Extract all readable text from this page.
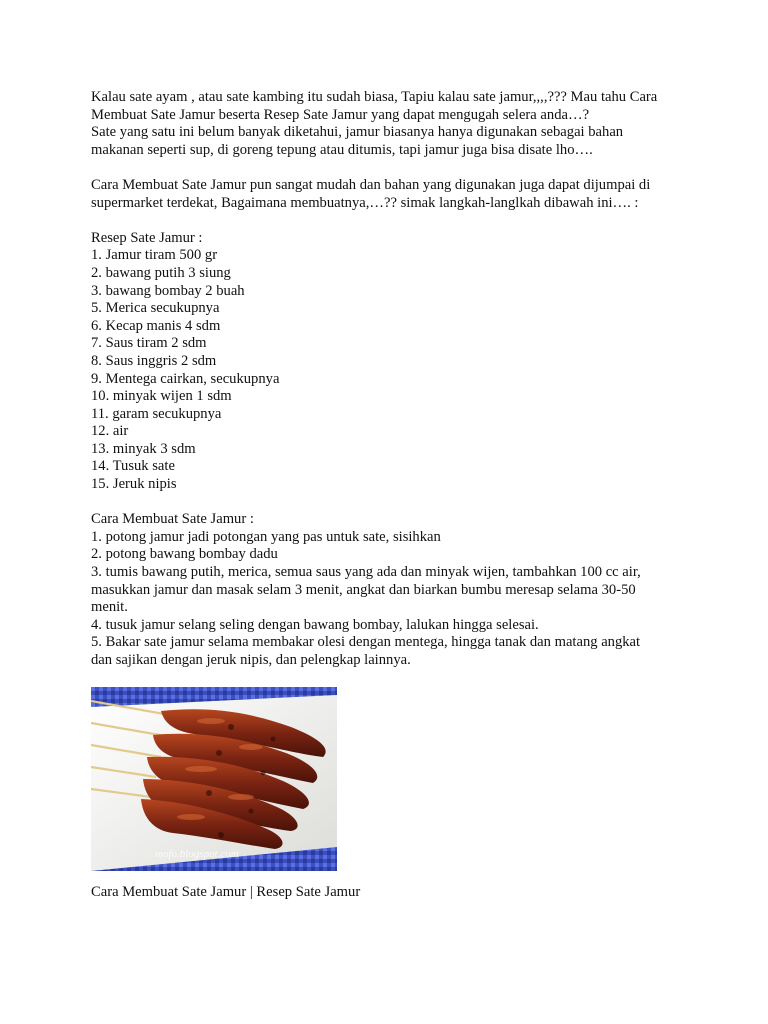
Kalau sate ayam , atau sate kambing itu sudah biasa, Tapiu kalau sate jamur,,,,??? Mau tahu Cara
Membuat Sate Jamur beserta Resep Sate Jamur yang dapat mengugah selera anda…?
Sate yang satu ini belum banyak diketahui, jamur biasanya hanya digunakan sebagai bahan
makanan seperti sup, di goreng tepung atau ditumis, tapi jamur juga bisa disate lho….
Cara Membuat Sate Jamur pun sangat mudah dan bahan yang digunakan juga dapat dijumpai di
supermarket terdekat, Bagaimana membuatnya,…?? simak langkah-langlkah dibawah ini…. :
Resep Sate Jamur :
1. Jamur tiram 500 gr
2. bawang putih 3 siung
3. bawang bombay 2 buah
5. Merica secukupnya
6. Kecap manis 4 sdm
7. Saus tiram 2 sdm
8. Saus inggris 2 sdm
9. Mentega cairkan, secukupnya
10. minyak wijen 1 sdm
11. garam secukupnya
12. air
13. minyak 3 sdm
14. Tusuk sate
15. Jeruk nipis
Cara Membuat Sate Jamur :
1. potong jamur jadi potongan yang pas untuk sate, sisihkan
2. potong bawang bombay dadu
3. tumis bawang putih, merica, semua saus yang ada dan minyak wijen, tambahkan 100 cc air,
masukkan jamur dan masak selam 3 menit, angkat dan biarkan bumbu meresap selama 30-50
menit.
4. tusuk jamur selang seling dengan bawang bombay, lalukan hingga selesai.
5. Bakar sate jamur selama membakar olesi dengan mentega, hingga tanak dan matang angkat
dan sajikan dengan jeruk nipis, dan pelengkap lainnya.
mofo.blogspot.com
Cara Membuat Sate Jamur | Resep Sate Jamur
